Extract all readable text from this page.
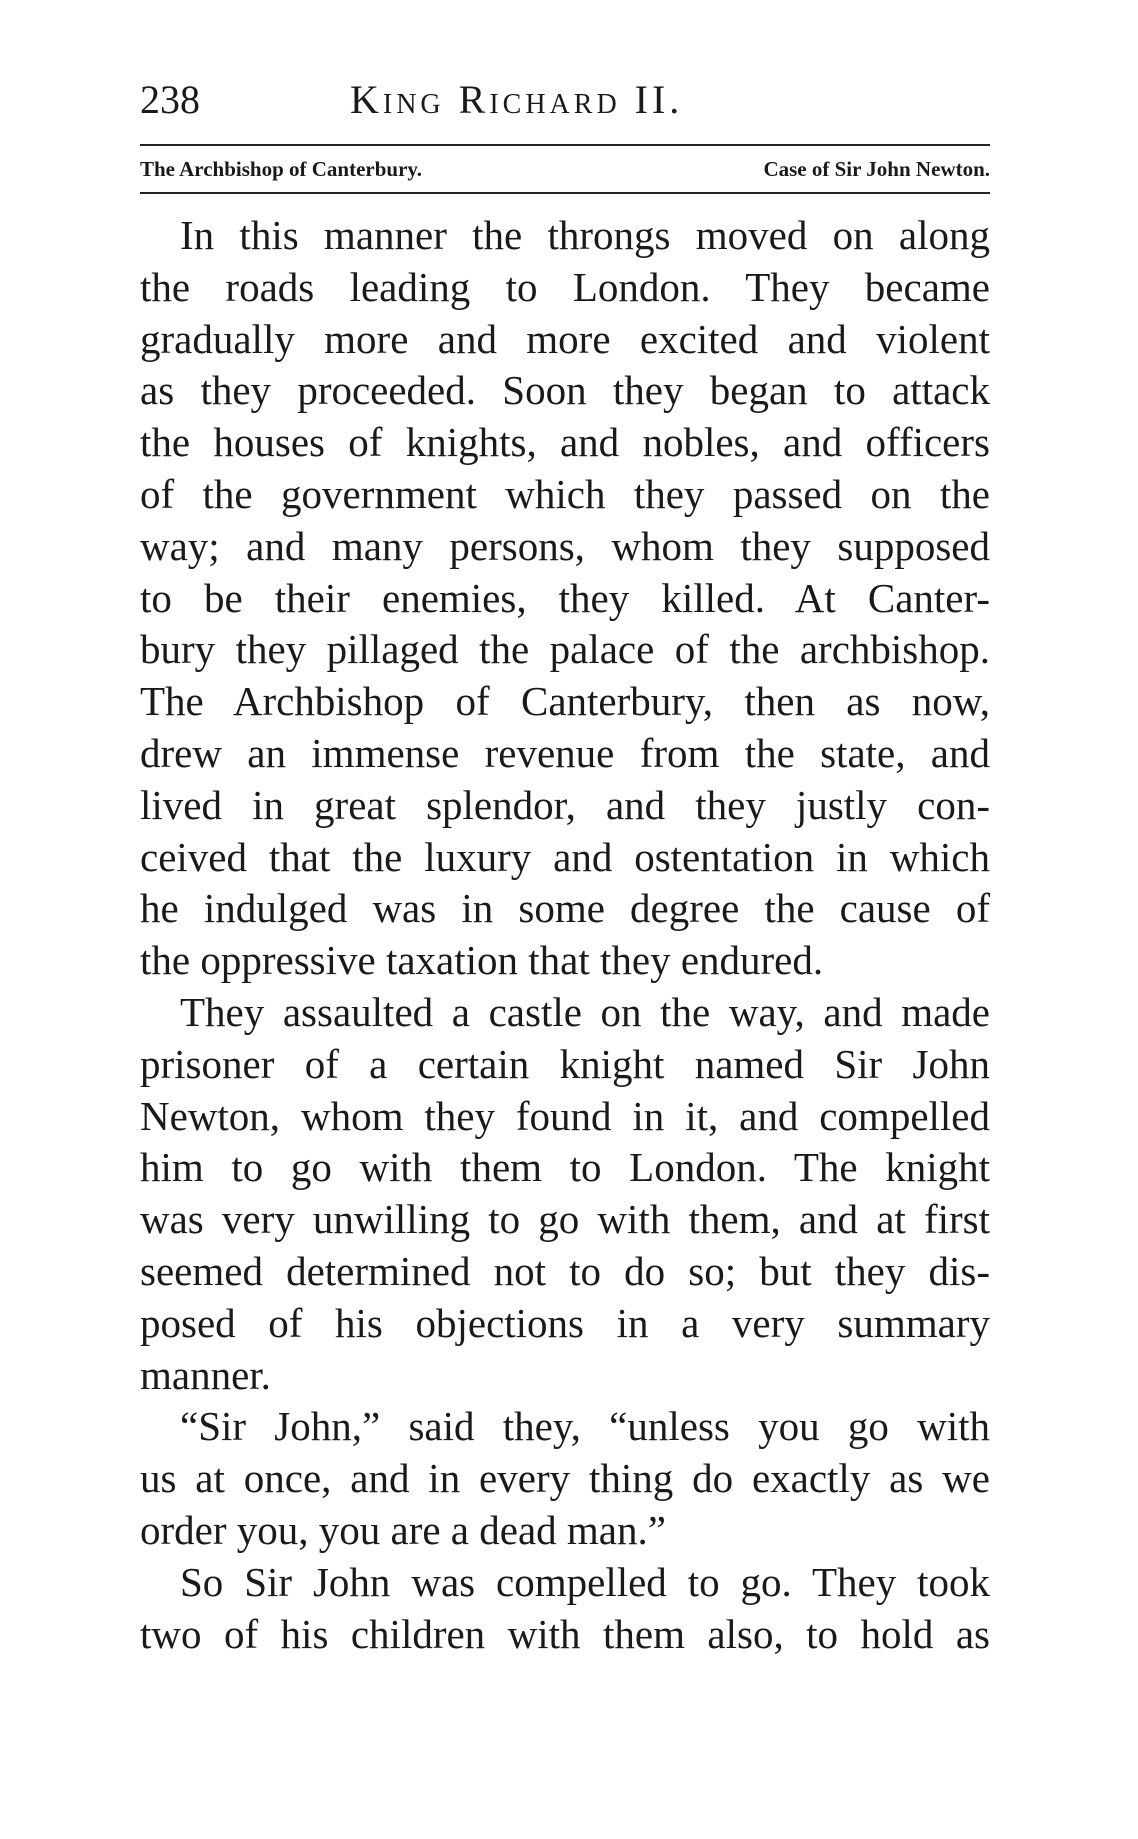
238	King Richard II.
The Archbishop of Canterbury.	Case of Sir John Newton.
In this manner the throngs moved on along
the roads leading to London. They became
gradually more and more excited and violent
as they proceeded. Soon they began to attack
the houses of knights, and nobles, and officers
of the government which they passed on the
way; and many persons, whom they supposed
to be their enemies, they killed. At Canter-
bury they pillaged the palace of the archbishop.
The Archbishop of Canterbury, then as now,
drew an immense revenue from the state, and
lived in great splendor, and they justly con-
ceived that the luxury and ostentation in which
he indulged was in some degree the cause of
the oppressive taxation that they endured.
They assaulted a castle on the way, and made
prisoner of a certain knight named Sir John
Newton, whom they found in it, and compelled
him to go with them to London. The knight
was very unwilling to go with them, and at first
seemed determined not to do so; but they dis-
posed of his objections in a very summary
manner.
“Sir John,” said they, “unless you go with
us at once, and in every thing do exactly as we
order you, you are a dead man.”
So Sir John was compelled to go. They took
two of his children with them also, to hold as
